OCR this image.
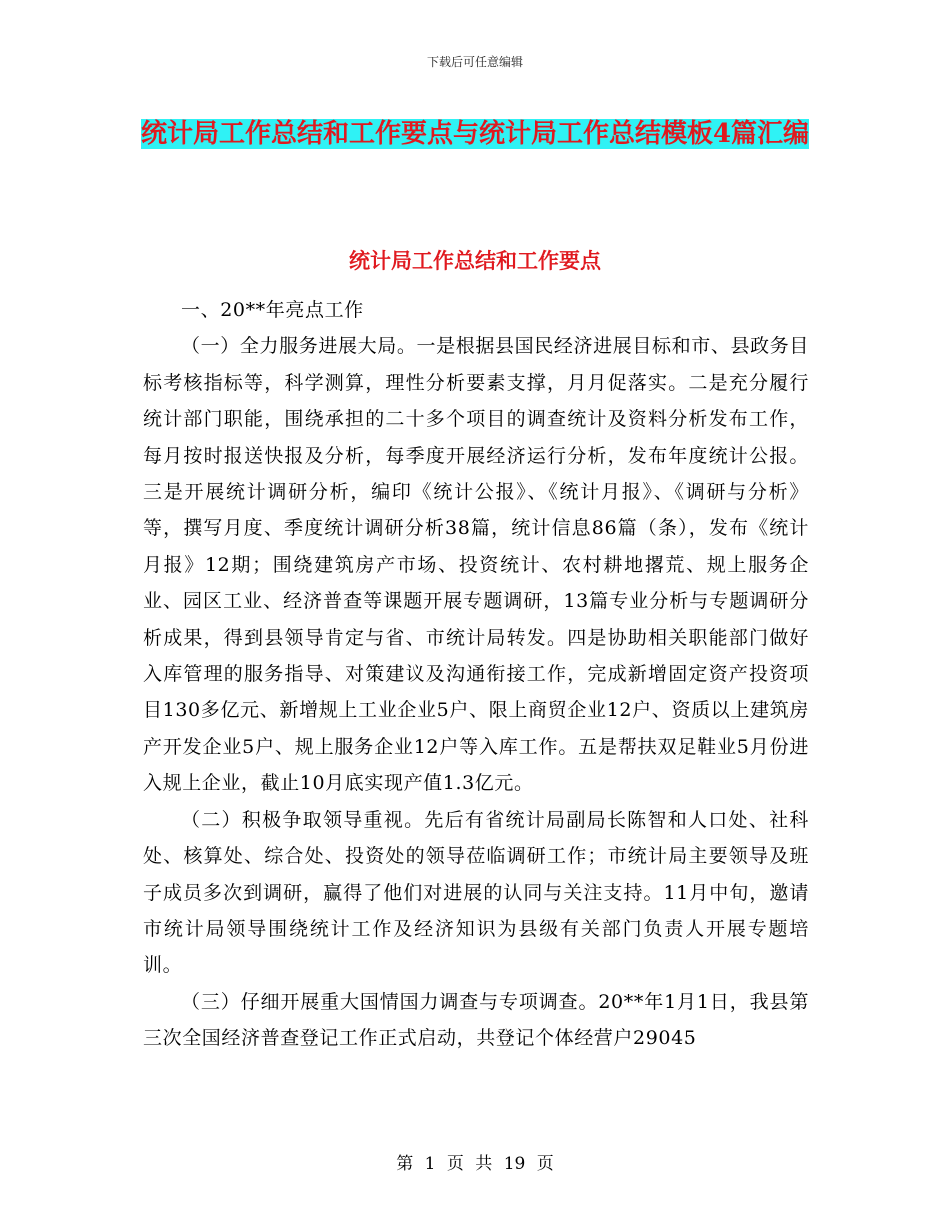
下载后可任意编辑
统计局工作总结和工作要点与统计局工作总结模板4篇汇编
统计局工作总结和工作要点

一、20**年亮点工作

（一）全力服务进展大局。一是根据县国民经济进展目标和市、县政务目标考核指标等，科学测算，理性分析要素支撑，月月促落实。二是充分履行统计部门职能，围绕承担的二十多个项目的调查统计及资料分析发布工作，每月按时报送快报及分析，每季度开展经济运行分析，发布年度统计公报。三是开展统计调研分析，编印《统计公报》、《统计月报》、《调研与分析》等，撰写月度、季度统计调研分析38篇，统计信息86篇（条），发布《统计月报》12期；围绕建筑房产市场、投资统计、农村耕地撂荒、规上服务企业、园区工业、经济普查等课题开展专题调研，13篇专业分析与专题调研分析成果，得到县领导肯定与省、市统计局转发。四是协助相关职能部门做好入库管理的服务指导、对策建议及沟通衔接工作，完成新增固定资产投资项目130多亿元、新增规上工业企业5户、限上商贸企业12户、资质以上建筑房产开发企业5户、规上服务企业12户等入库工作。五是帮扶双足鞋业5月份进入规上企业，截止10月底实现产值1.3亿元。

（二）积极争取领导重视。先后有省统计局副局长陈智和人口处、社科处、核算处、综合处、投资处的领导莅临调研工作；市统计局主要领导及班子成员多次到调研，赢得了他们对进展的认同与关注支持。11月中旬，邀请市统计局领导围绕统计工作及经济知识为县级有关部门负责人开展专题培训。

（三）仔细开展重大国情国力调查与专项调查。20**年1月1日，我县第三次全国经济普查登记工作正式启动，共登记个体经营户29045

第 1 页 共 19 页
